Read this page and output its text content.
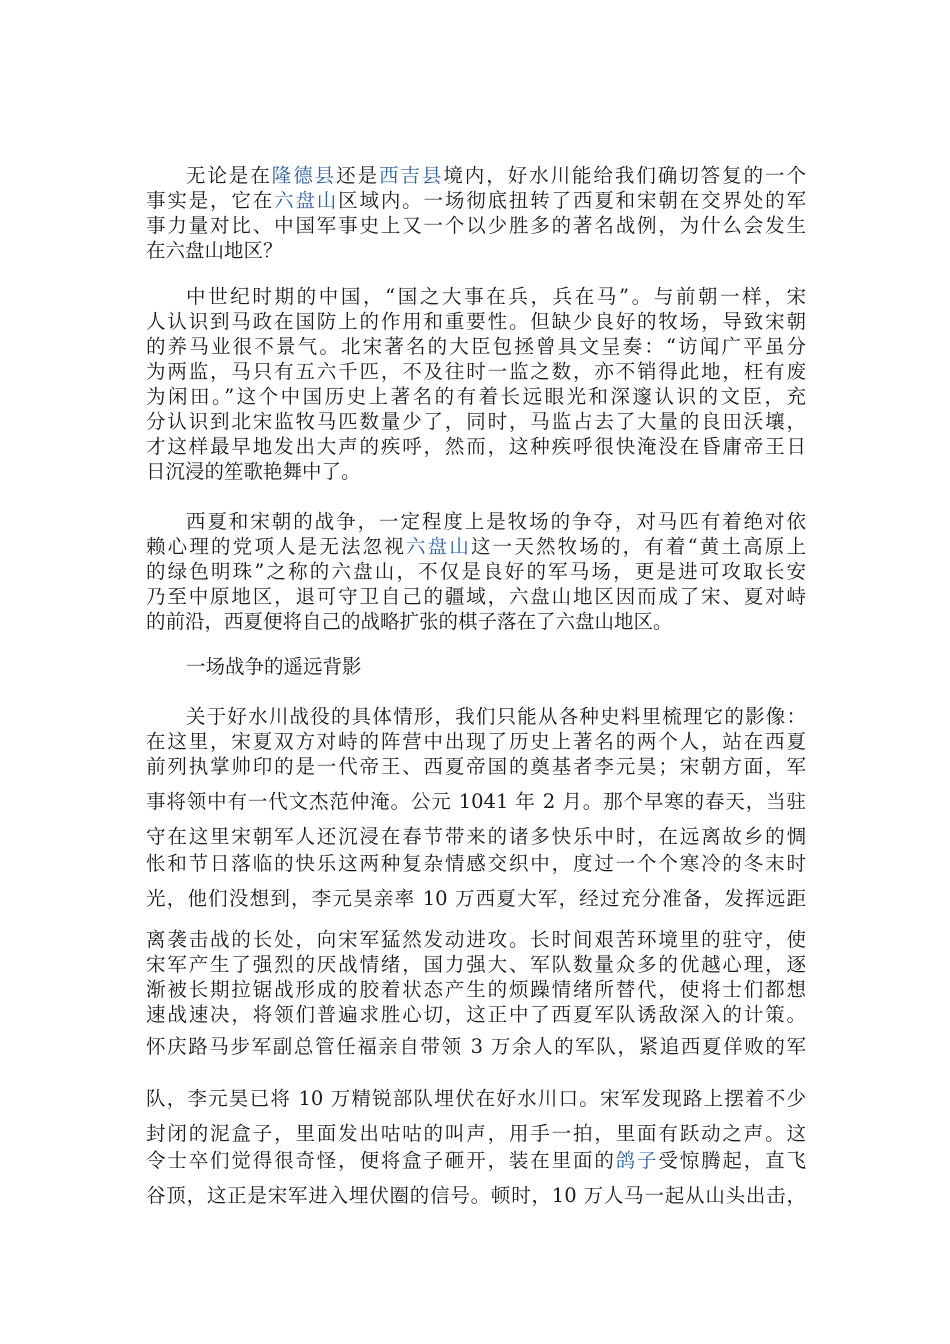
无论是在隆德县还是西吉县境内，好水川能给我们确切答复的一个
事实是，它在六盘山区域内。一场彻底扭转了西夏和宋朝在交界处的军
事力量对比、中国军事史上又一个以少胜多的著名战例，为什么会发生
在六盘山地区？
中世纪时期的中国，“国之大事在兵，兵在马”。与前朝一样，宋
人认识到马政在国防上的作用和重要性。但缺少良好的牧场，导致宋朝
的养马业很不景气。北宋著名的大臣包拯曾具文呈奏：“访闻广平虽分
为两监，马只有五六千匹，不及往时一监之数，亦不销得此地，枉有废
为闲田。”这个中国历史上著名的有着长远眼光和深邃认识的文臣，充
分认识到北宋监牧马匹数量少了，同时，马监占去了大量的良田沃壤，
才这样最早地发出大声的疾呼，然而，这种疾呼很快淹没在昏庸帝王日
日沉浸的笙歌艳舞中了。
西夏和宋朝的战争，一定程度上是牧场的争夺，对马匹有着绝对依
赖心理的党项人是无法忽视六盘山这一天然牧场的，有着“黄土高原上
的绿色明珠”之称的六盘山，不仅是良好的军马场，更是进可攻取长安
乃至中原地区，退可守卫自己的疆域，六盘山地区因而成了宋、夏对峙
的前沿，西夏便将自己的战略扩张的棋子落在了六盘山地区。
一场战争的遥远背影
关于好水川战役的具体情形，我们只能从各种史料里梳理它的影像：
在这里，宋夏双方对峙的阵营中出现了历史上著名的两个人，站在西夏
前列执掌帅印的是一代帝王、西夏帝国的奠基者李元昊；宋朝方面，军
事将领中有一代文杰范仲淹。公元 1041 年 2 月。那个早寒的春天，当驻
守在这里宋朝军人还沉浸在春节带来的诸多快乐中时，在远离故乡的惆
怅和节日落临的快乐这两种复杂情感交织中，度过一个个寒冷的冬末时
光，他们没想到，李元昊亲率 10 万西夏大军，经过充分准备，发挥远距
离袭击战的长处，向宋军猛然发动进攻。长时间艰苦环境里的驻守，使
宋军产生了强烈的厌战情绪，国力强大、军队数量众多的优越心理，逐
渐被长期拉锯战形成的胶着状态产生的烦躁情绪所替代，使将士们都想
速战速决，将领们普遍求胜心切，这正中了西夏军队诱敌深入的计策。
怀庆路马步军副总管任福亲自带领 3 万余人的军队，紧追西夏佯败的军
队，李元昊已将 10 万精锐部队埋伏在好水川口。宋军发现路上摆着不少
封闭的泥盒子，里面发出咕咕的叫声，用手一拍，里面有跃动之声。这
令士卒们觉得很奇怪，便将盒子砸开，装在里面的鸽子受惊腾起，直飞
谷顶，这正是宋军进入埋伏圈的信号。顿时，10 万人马一起从山头出击，
